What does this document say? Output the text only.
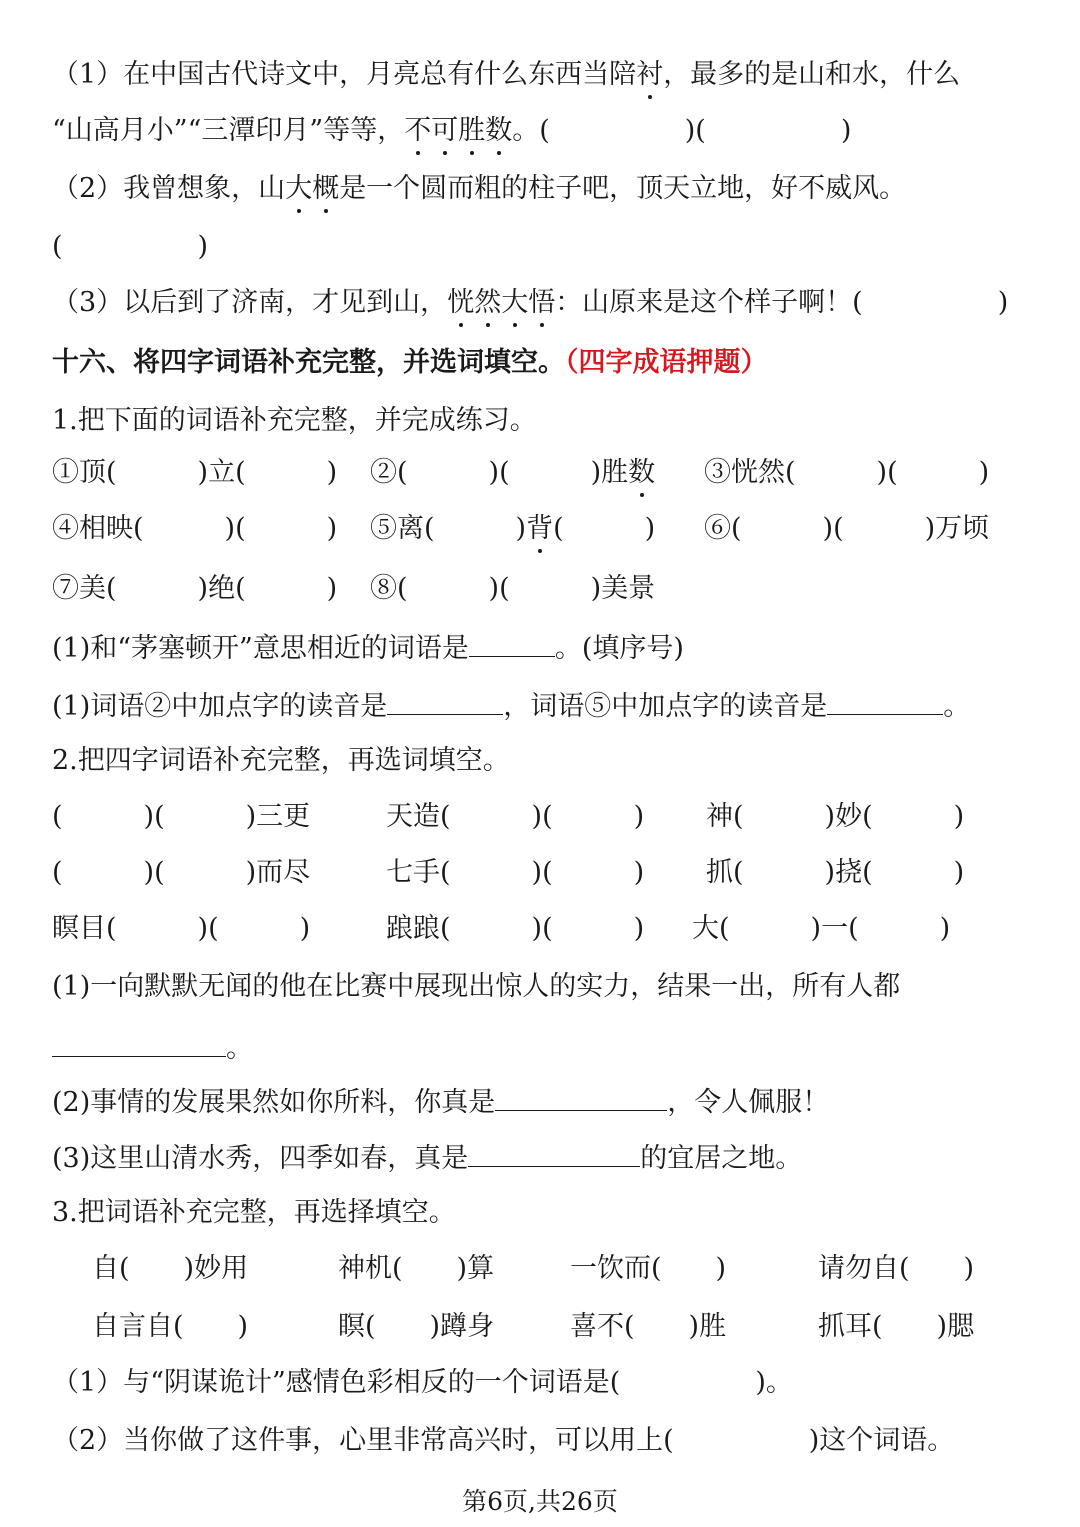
（1）在中国古代诗文中，月亮总有什么东西当陪衬，最多的是山和水，什么
“山高月小”“三潭印月”等等，不可胜数。(　　　　　)(　　　　　)
（2）我曾想象，山大概是一个圆而粗的柱子吧，顶天立地，好不威风。
(　　　　　)
（3）以后到了济南，才见到山，恍然大悟：山原来是这个样子啊！(　　　　　)
十六、将四字词语补充完整，并选词填空。（四字成语押题）
1.把下面的词语补充完整，并完成练习。
①顶(　　　)立(　　　) ②(　　　)(　　　)胜数 ③恍然(　　　)(　　　)
④相映(　　　)(　　　) ⑤离(　　　)背(　　　) ⑥(　　　)(　　　)万顷
⑦美(　　　)绝(　　　) ⑧(　　　)(　　　)美景
(1)和“茅塞顿开”意思相近的词语是	。(填序号)
(1)词语②中加点字的读音是	，词语⑤中加点字的读音是	。
2.把四字词语补充完整，再选词填空。
(　　　)(　　　)三更	天造(　　　)(　　　) 神(　　　)妙(　　　)
(　　　)(　　　)而尽	七手(　　　)(　　　) 抓(　　　)挠(　　　)
瞑目(　　　)(　　　)	踉踉(　　　)(　　　) 大(　　　)一(　　　)
(1)一向默默无闻的他在比赛中展现出惊人的实力，结果一出，所有人都
。
(2)事情的发展果然如你所料，你真是	，令人佩服！
(3)这里山清水秀，四季如春，真是	的宜居之地。
3.把词语补充完整，再选择填空。
自(　　)妙用	神机(　　)算	一饮而(　　)	请勿自(　　)
自言自(　　)	瞑(　　)蹲身	喜不(　　)胜	抓耳(　　)腮
（1）与“阴谋诡计”感情色彩相反的一个词语是(　　　　　)。
（2）当你做了这件事，心里非常高兴时，可以用上(　　　　　)这个词语。
第6页,共26页
